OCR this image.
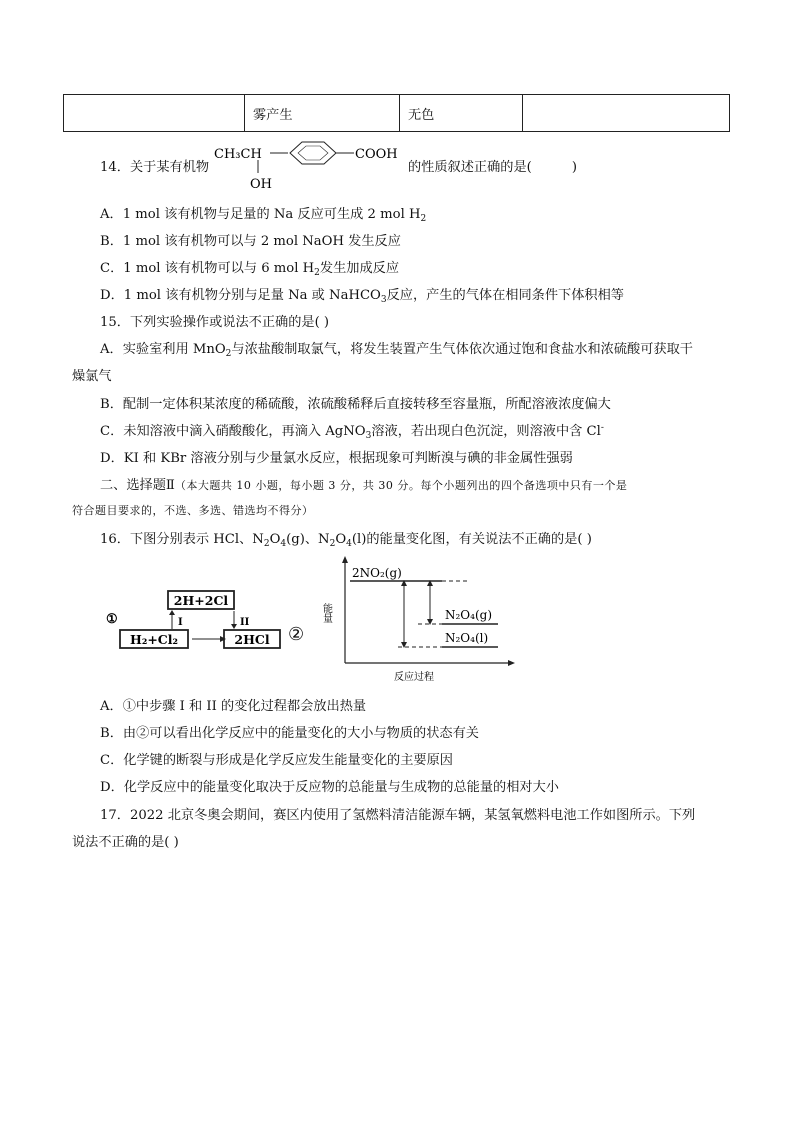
	雾产生	无色	
14．关于某有机物
CH₃CH
OH
COOH
的性质叙述正确的是(	)
A．1 mol 该有机物与足量的 Na 反应可生成 2 mol $H_2$
B．1 mol 该有机物可以与 2 mol NaOH 发生反应
C．1 mol 该有机物可以与 6 mol $H_2$发生加成反应
D．1 mol 该有机物分别与足量 Na 或 NaHCO$_3$反应，产生的气体在相同条件下体积相等
15．下列实验操作或说法不正确的是( )
A．实验室利用 MnO$_2$与浓盐酸制取氯气，将发生装置产生气体依次通过饱和食盐水和浓硫酸可获取干
燥氯气
B．配制一定体积某浓度的稀硫酸，浓硫酸稀释后直接转移至容量瓶，所配溶液浓度偏大
C．未知溶液中滴入硝酸酸化，再滴入 AgNO$_3$溶液，若出现白色沉淀，则溶液中含 Cl-
D．KI 和 KBr 溶液分别与少量氯水反应，根据现象可判断溴与碘的非金属性强弱
二、选择题Ⅱ（本大题共 10 小题，每小题 3 分，共 30 分。每个小题列出的四个备选项中只有一个是
符合题目要求的，不选、多选、错选均不得分）
16．下图分别表示 HCl、$N_2O_4(g)$、$N_2O_4(l)$的能量变化图，有关说法不正确的是( )
①
2H+2Cl
H₂+Cl₂	2HCl
I	II
②
能量
反应过程
2NO₂(g)
N₂O₄(g)
N₂O₄(l)
A．①中步骤 I 和 II 的变化过程都会放出热量
B．由②可以看出化学反应中的能量变化的大小与物质的状态有关
C．化学键的断裂与形成是化学反应发生能量变化的主要原因
D．化学反应中的能量变化取决于反应物的总能量与生成物的总能量的相对大小
17．2022 北京冬奥会期间，赛区内使用了氢燃料清洁能源车辆，某氢氧燃料电池工作如图所示。下列
说法不正确的是( )
